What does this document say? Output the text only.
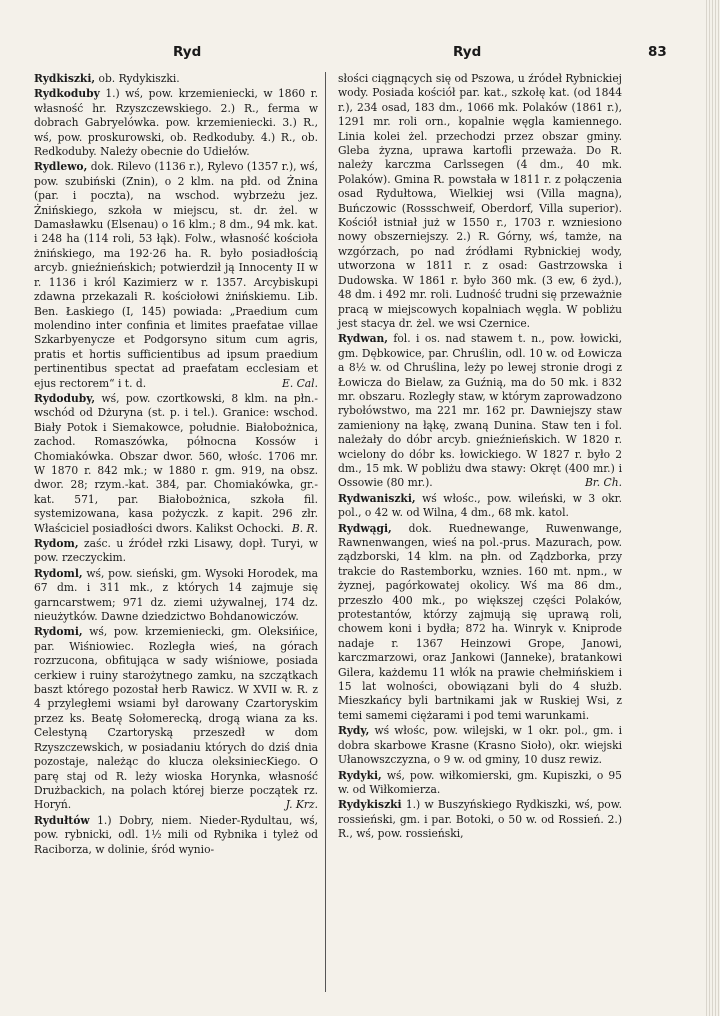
Ryd	Ryd	83

Rydkiszki, ob. Rydykiszki.

Rydkoduby 1.) wś, pow. krzemieniecki, w 1860 r. własność hr. Rzyszczewskiego. 2.) R., ferma w dobrach Gabryelówka. pow. krzemieniecki. 3.) R., wś, pow. proskurowski, ob. Redkoduby. 4.) R., ob. Redkoduby. Należy obecnie do Udiełów.

Rydlewo, dok. Rilevo (1136 r.), Rylevo (1357 r.), wś, pow. szubiński (Znin), o 2 klm. na płd. od Żnina (par. i poczta), na wschod. wybrzeżu jez. Żnińskiego, szkoła w miejscu, st. dr. żel. w Damasławku (Elsenau) o 16 klm.; 8 dm., 94 mk. kat. i 248 ha (114 roli, 53 łąk). Folw., własność kościoła żnińskiego, ma 192·26 ha. R. było posiadłością arcyb. gnieźnieńskich; potwierdził ją Innocenty II w r. 1136 i król Kazimierz w r. 1357. Arcybiskupi zdawna przekazali R. kościołowi żnińskiemu. Lib. Ben. Łaskiego (I, 145) powiada: „Praedium cum molendino inter confinia et limites praefatae villae Szkarbyenycze et Podgorsyno situm cum agris, pratis et hortis sufficientibus ad ipsum praedium pertinentibus spectat ad praefatam ecclesiam et ejus rectorem“ i t. d.	E. Cal.

Rydoduby, wś, pow. czortkowski, 8 klm. na płn.-wschód od Dżuryna (st. p. i tel.). Granice: wschod. Biały Potok i Siemakowce, południe. Białobożnica, zachod. Romaszówka, północna Kossów i Chomiakówka. Obszar dwor. 560, włośc. 1706 mr. W 1870 r. 842 mk.; w 1880 r. gm. 919, na obsz. dwor. 28; rzym.-kat. 384, par. Chomiakówka, gr.-kat. 571, par. Białobożnica, szkoła fil. systemizowana, kasa pożyczk. z kapit. 296 złr. Właściciel posiadłości dwors. Kalikst Ochocki. B. R.

Rydom, zaśc. u źródeł rzki Lisawy, dopł. Turyi, w pow. rzeczyckim.

Rydoml, wś, pow. sieński, gm. Wysoki Horodek, ma 67 dm. i 311 mk., z których 14 zajmuje się garncarstwem; 971 dz. ziemi używalnej, 174 dz. nieużytków. Dawne dziedzictwo Bohdanowiczów.

Rydomi, wś, pow. krzemieniecki, gm. Oleksińice, par. Wiśniowiec. Rozległa wieś, na górach rozrzucona, obfitująca w sady wiśniowe, posiada cerkiew i ruiny starożytnego zamku, na szczątkach baszt którego pozostał herb Rawicz. W XVII w. R. z 4 przyległemi wsiami był darowany Czartoryskim przez ks. Beatę Sołomerecką, drogą wiana za ks. Celestyną Czartoryską przeszedł w dom Rzyszczewskich, w posiadaniu których do dziś dnia pozostaje, należąc do klucza oleksiniecKiego. O parę staj od R. leży wioska Horynka, własność Drużbackich, na polach której bierze początek rz. Horyń.	J. Krz.

Rydułtów 1.) Dobry, niem. Nieder-Rydultau, wś, pow. rybnicki, odl. 1½ mili od Rybnika i tyleż od Raciborza, w dolinie, śród wynio-

słości ciągnących się od Pszowa, u źródeł Rybnickiej wody. Posiada kościół par. kat., szkołę kat. (od 1844 r.), 234 osad, 183 dm., 1066 mk. Polaków (1861 r.), 1291 mr. roli orn., kopalnie węgla kamiennego. Linia kolei żel. przechodzi przez obszar gminy. Gleba żyzna, uprawa kartofli przeważa. Do R. należy karczma Carlssegen (4 dm., 40 mk. Polaków). Gmina R. powstała w 1811 r. z połączenia osad Rydułtowa, Wielkiej wsi (Villa magna), Buńczowic (Rossschweif, Oberdorf, Villa superior). Kościół istniał już w 1550 r., 1703 r. wzniesiono nowy obszerniejszy. 2.) R. Górny, wś, tamże, na wzgórzach, po nad źródłami Rybnickiej wody, utworzona w 1811 r. z osad: Gastrzowska i Dudowska. W 1861 r. było 360 mk. (3 ew, 6 żyd.), 48 dm. i 492 mr. roli. Ludność trudni się przeważnie pracą w miejscowych kopalniach węgla. W pobliżu jest stacya dr. żel. we wsi Czernice.

Rydwan, fol. i os. nad stawem t. n., pow. łowicki, gm. Dębkowice, par. Chruślin, odl. 10 w. od Łowicza a 8½ w. od Chruślina, leży po lewej stronie drogi z Łowicza do Bielaw, za Guźnią, ma do 50 mk. i 832 mr. obszaru. Rozległy staw, w którym zaprowadzono rybołówstwo, ma 221 mr. 162 pr. Dawniejszy staw zamieniony na łąkę, zwaną Dunina. Staw ten i fol. należały do dóbr arcyb. gnieźnieńskich. W 1820 r. wcielony do dóbr ks. łowickiego. W 1827 r. było 2 dm., 15 mk. W pobliżu dwa stawy: Okręt (400 mr.) i Ossowie (80 mr.).	Br. Ch.

Rydwaniszki, wś włośc., pow. wileński, w 3 okr. pol., o 42 w. od Wilna, 4 dm., 68 mk. katol.

Rydwągi, dok. Ruednewange, Ruwenwange, Rawnenwangen, wieś na pol.-prus. Mazurach, pow. ządzborski, 14 klm. na płn. od Ządzborka, przy trakcie do Rastemborku, wznies. 160 mt. npm., w żyznej, pagórkowatej okolicy. Wś ma 86 dm., przeszło 400 mk., po większej części Polaków, protestantów, którzy zajmują się uprawą roli, chowem koni i bydła; 872 ha. Winryk v. Kniprode nadaje r. 1367 Heinzowi Grope, Janowi, karczmarzowi, oraz Jankowi (Janneke), bratankowi Gilera, każdemu 11 włók na prawie chełmińskiem i 15 lat wolności, obowiązani byli do 4 służb. Mieszkańcy byli bartnikami jak w Ruskiej Wsi, z temi samemi ciężarami i pod temi warunkami.

Rydy, wś włośc, pow. wilejski, w 1 okr. pol., gm. i dobra skarbowe Krasne (Krasno Sioło), okr. wiejski Ułanowszczyzna, o 9 w. od gminy, 10 dusz rewiz.

Rydyki, wś, pow. wiłkomierski, gm. Kupiszki, o 95 w. od Wiłkomierza.

Rydykiszki 1.) w Buszyńskiego Rydkiszki, wś, pow. rossieński, gm. i par. Botoki, o 50 w. od Rossień. 2.) R., wś, pow. rossieński,
